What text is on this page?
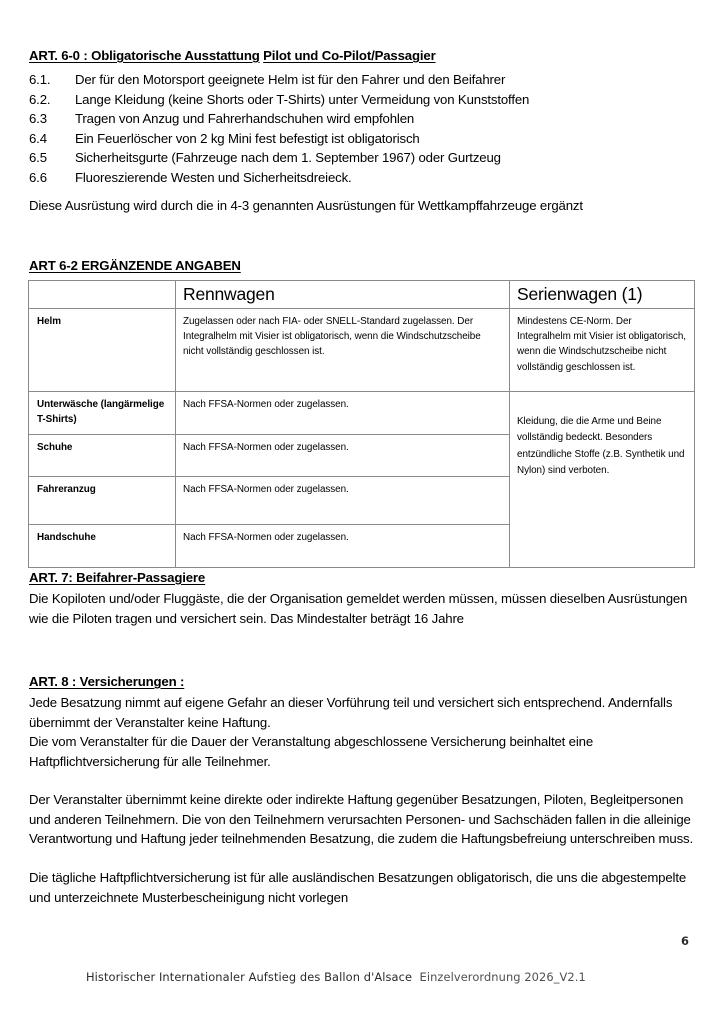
ART. 6-0 : Obligatorische Ausstattung Pilot und Co-Pilot/Passagier
6.1.	Der für den Motorsport geeignete Helm ist für den Fahrer und den Beifahrer
6.2.	Lange Kleidung (keine Shorts oder T-Shirts) unter Vermeidung von Kunststoffen
6.3	Tragen von Anzug und Fahrerhandschuhen wird empfohlen
6.4	Ein Feuerlöscher von 2 kg Mini fest befestigt ist obligatorisch
6.5	Sicherheitsgurte (Fahrzeuge nach dem 1. September 1967) oder Gurtzeug
6.6	Fluoreszierende Westen und Sicherheitsdreieck.
Diese Ausrüstung wird durch die in 4-3 genannten Ausrüstungen für Wettkampffahrzeuge ergänzt
ART 6-2 ERGÄNZENDE ANGABEN
	Rennwagen	Serienwagen (1)
Helm	Zugelassen oder nach FIA- oder SNELL-Standard zugelassen. Der Integralhelm mit Visier ist obligatorisch, wenn die Windschutzscheibe nicht vollständig geschlossen ist.	Mindestens CE-Norm. Der Integralhelm mit Visier ist obligatorisch, wenn die Windschutzscheibe nicht vollständig geschlossen ist.
Unterwäsche (langärmelige T-Shirts)	Nach FFSA-Normen oder zugelassen.	Kleidung, die die Arme und Beine vollständig bedeckt. Besonders entzündliche Stoffe (z.B. Synthetik und Nylon) sind verboten.
Schuhe	Nach FFSA-Normen oder zugelassen.	
Fahreranzug	Nach FFSA-Normen oder zugelassen.	
Handschuhe	Nach FFSA-Normen oder zugelassen.	
ART. 7: Beifahrer-Passagiere
Die Kopiloten und/oder Fluggäste, die der Organisation gemeldet werden müssen, müssen dieselben Ausrüstungen wie die Piloten tragen und versichert sein. Das Mindestalter beträgt 16 Jahre
ART. 8 : Versicherungen :
Jede Besatzung nimmt auf eigene Gefahr an dieser Vorführung teil und versichert sich entsprechend. Andernfalls übernimmt der Veranstalter keine Haftung.
Die vom Veranstalter für die Dauer der Veranstaltung abgeschlossene Versicherung beinhaltet eine Haftpflichtversicherung für alle Teilnehmer.
Der Veranstalter übernimmt keine direkte oder indirekte Haftung gegenüber Besatzungen, Piloten, Begleitpersonen und anderen Teilnehmern. Die von den Teilnehmern verursachten Personen- und Sachschäden fallen in die alleinige Verantwortung und Haftung jeder teilnehmenden Besatzung, die zudem die Haftungsbefreiung unterschreiben muss.
Die tägliche Haftpflichtversicherung ist für alle ausländischen Besatzungen obligatorisch, die uns die abgestempelte und unterzeichnete Musterbescheinigung nicht vorlegen
6
Historischer Internationaler Aufstieg des Ballon d'Alsace Einzelverordnung 2026_V2.1
